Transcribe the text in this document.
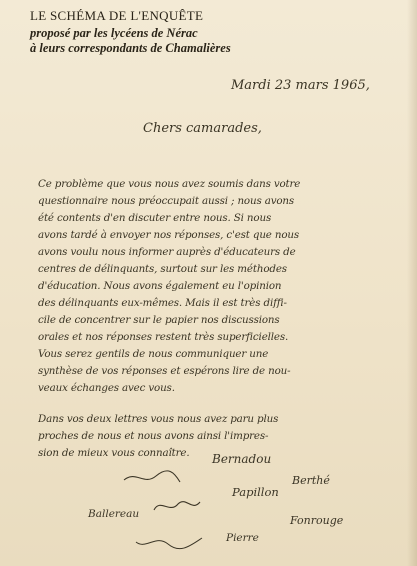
LE SCHÉMA DE L'ENQUÊTE
proposé par les lycéens de Nérac
à leurs correspondants de Chamalières
Mardi 23 mars 1965,
Chers camarades,
Ce problème que vous nous avez soumis dans votre
questionnaire nous préoccupait aussi ; nous avons
été contents d'en discuter entre nous. Si nous
avons tardé à envoyer nos réponses, c'est que nous
avons voulu nous informer auprès d'éducateurs de
centres de délinquants, surtout sur les méthodes
d'éducation. Nous avons également eu l'opinion
des délinquants eux-mêmes. Mais il est très diffi-
cile de concentrer sur le papier nos discussions
orales et nos réponses restent très superficielles.
Vous serez gentils de nous communiquer une
synthèse de vos réponses et espérons lire de nou-
veaux échanges avec vous.
Dans vos deux lettres vous nous avez paru plus
proches de nous et nous avons ainsi l'impres-
sion de mieux vous connaître.	Bernadou
Papillon
Berthé
Ballereau
Pierre
Fonrouge
